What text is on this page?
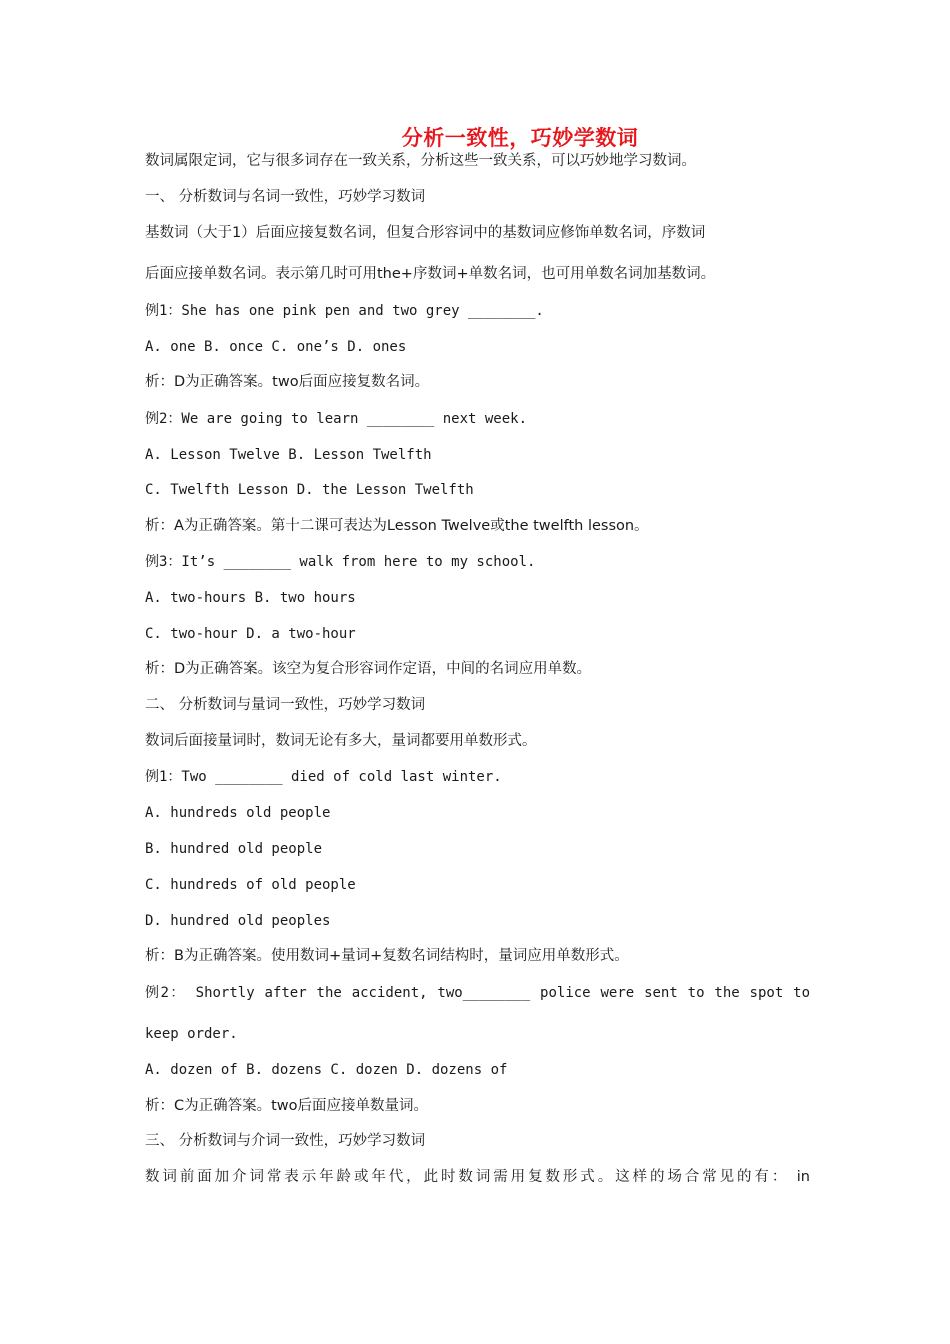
分析一致性，巧妙学数词
数词属限定词，它与很多词存在一致关系，分析这些一致关系，可以巧妙地学习数词。
一、 分析数词与名词一致性，巧妙学习数词
基数词（大于1）后面应接复数名词，但复合形容词中的基数词应修饰单数名词，序数词
后面应接单数名词。表示第几时可用the+序数词+单数名词，也可用单数名词加基数词。
例1：She has one pink pen and two grey ________.
A. one B. once C. one’s D. ones
析：D为正确答案。two后面应接复数名词。
例2：We are going to learn ________ next week.
A. Lesson Twelve B. Lesson Twelfth
C. Twelfth Lesson D. the Lesson Twelfth
析：A为正确答案。第十二课可表达为Lesson Twelve或the twelfth lesson。
例3：It’s ________ walk from here to my school.
A. two-hours B. two hours
C. two-hour D. a two-hour
析：D为正确答案。该空为复合形容词作定语，中间的名词应用单数。
二、 分析数词与量词一致性，巧妙学习数词
数词后面接量词时，数词无论有多大，量词都要用单数形式。
例1：Two ________ died of cold last winter.
A. hundreds old people
B. hundred old people
C. hundreds of old people
D. hundred old peoples
析：B为正确答案。使用数词+量词+复数名词结构时，量词应用单数形式。
例2： Shortly after the accident, two________ police were sent to the spot to
keep order.
A. dozen of B. dozens C. dozen D. dozens of
析：C为正确答案。two后面应接单数量词。
三、 分析数词与介词一致性，巧妙学习数词
数词前面加介词常表示年龄或年代，此时数词需用复数形式。这样的场合常见的有： in
